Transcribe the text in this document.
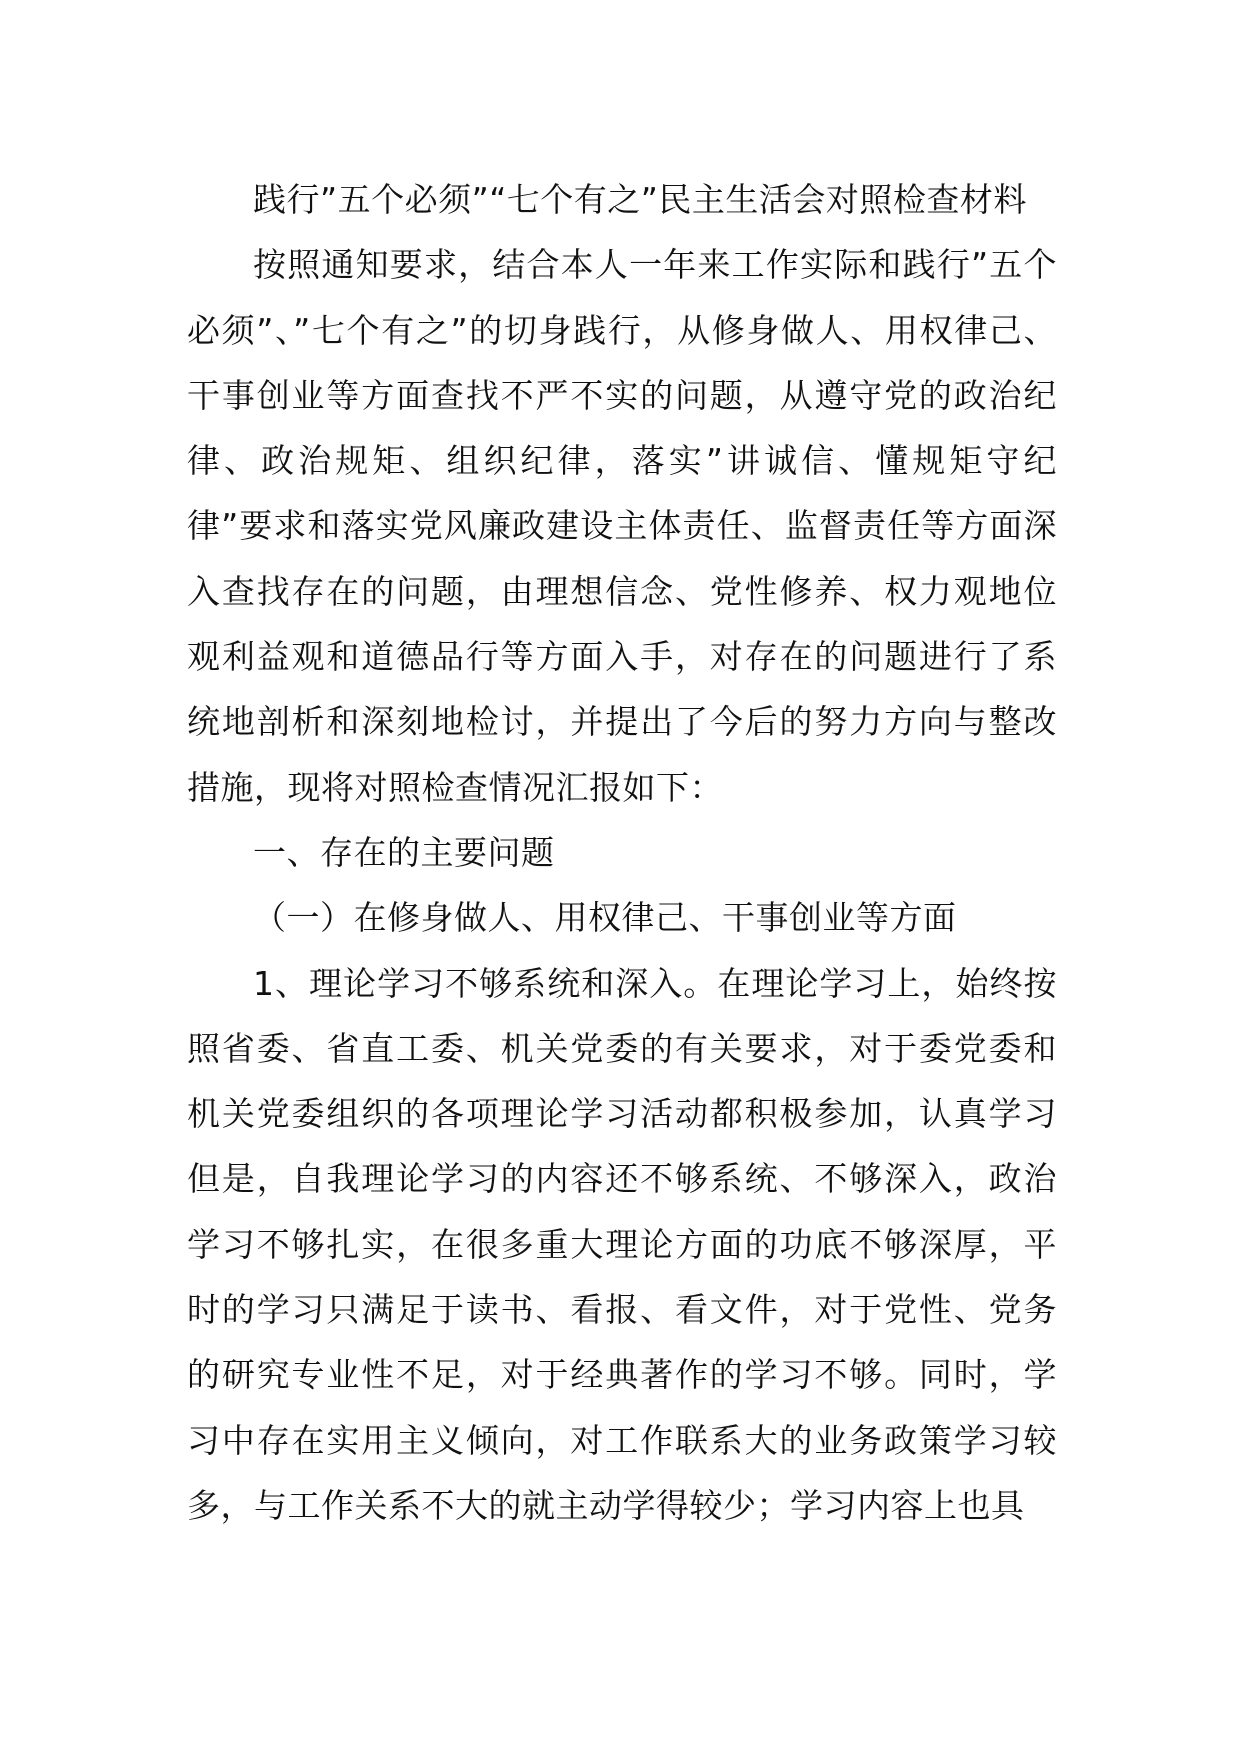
践行”五个必须”“七个有之”民主生活会对照检查材料

按照通知要求，结合本人一年来工作实际和践行”五个必须”、”七个有之”的切身践行，从修身做人、用权律己、干事创业等方面查找不严不实的问题，从遵守党的政治纪律、政治规矩、组织纪律，落实”讲诚信、懂规矩守纪律”要求和落实党风廉政建设主体责任、监督责任等方面深入查找存在的问题，由理想信念、党性修养、权力观地位观利益观和道德品行等方面入手，对存在的问题进行了系统地剖析和深刻地检讨，并提出了今后的努力方向与整改措施，现将对照检查情况汇报如下：

一、存在的主要问题

（一）在修身做人、用权律己、干事创业等方面

1、理论学习不够系统和深入。在理论学习上，始终按照省委、省直工委、机关党委的有关要求，对于委党委和机关党委组织的各项理论学习活动都积极参加，认真学习但是，自我理论学习的内容还不够系统、不够深入，政治学习不够扎实，在很多重大理论方面的功底不够深厚，平时的学习只满足于读书、看报、看文件，对于党性、党务的研究专业性不足，对于经典著作的学习不够。同时，学习中存在实用主义倾向，对工作联系大的业务政策学习较多，与工作关系不大的就主动学得较少；学习内容上也具
